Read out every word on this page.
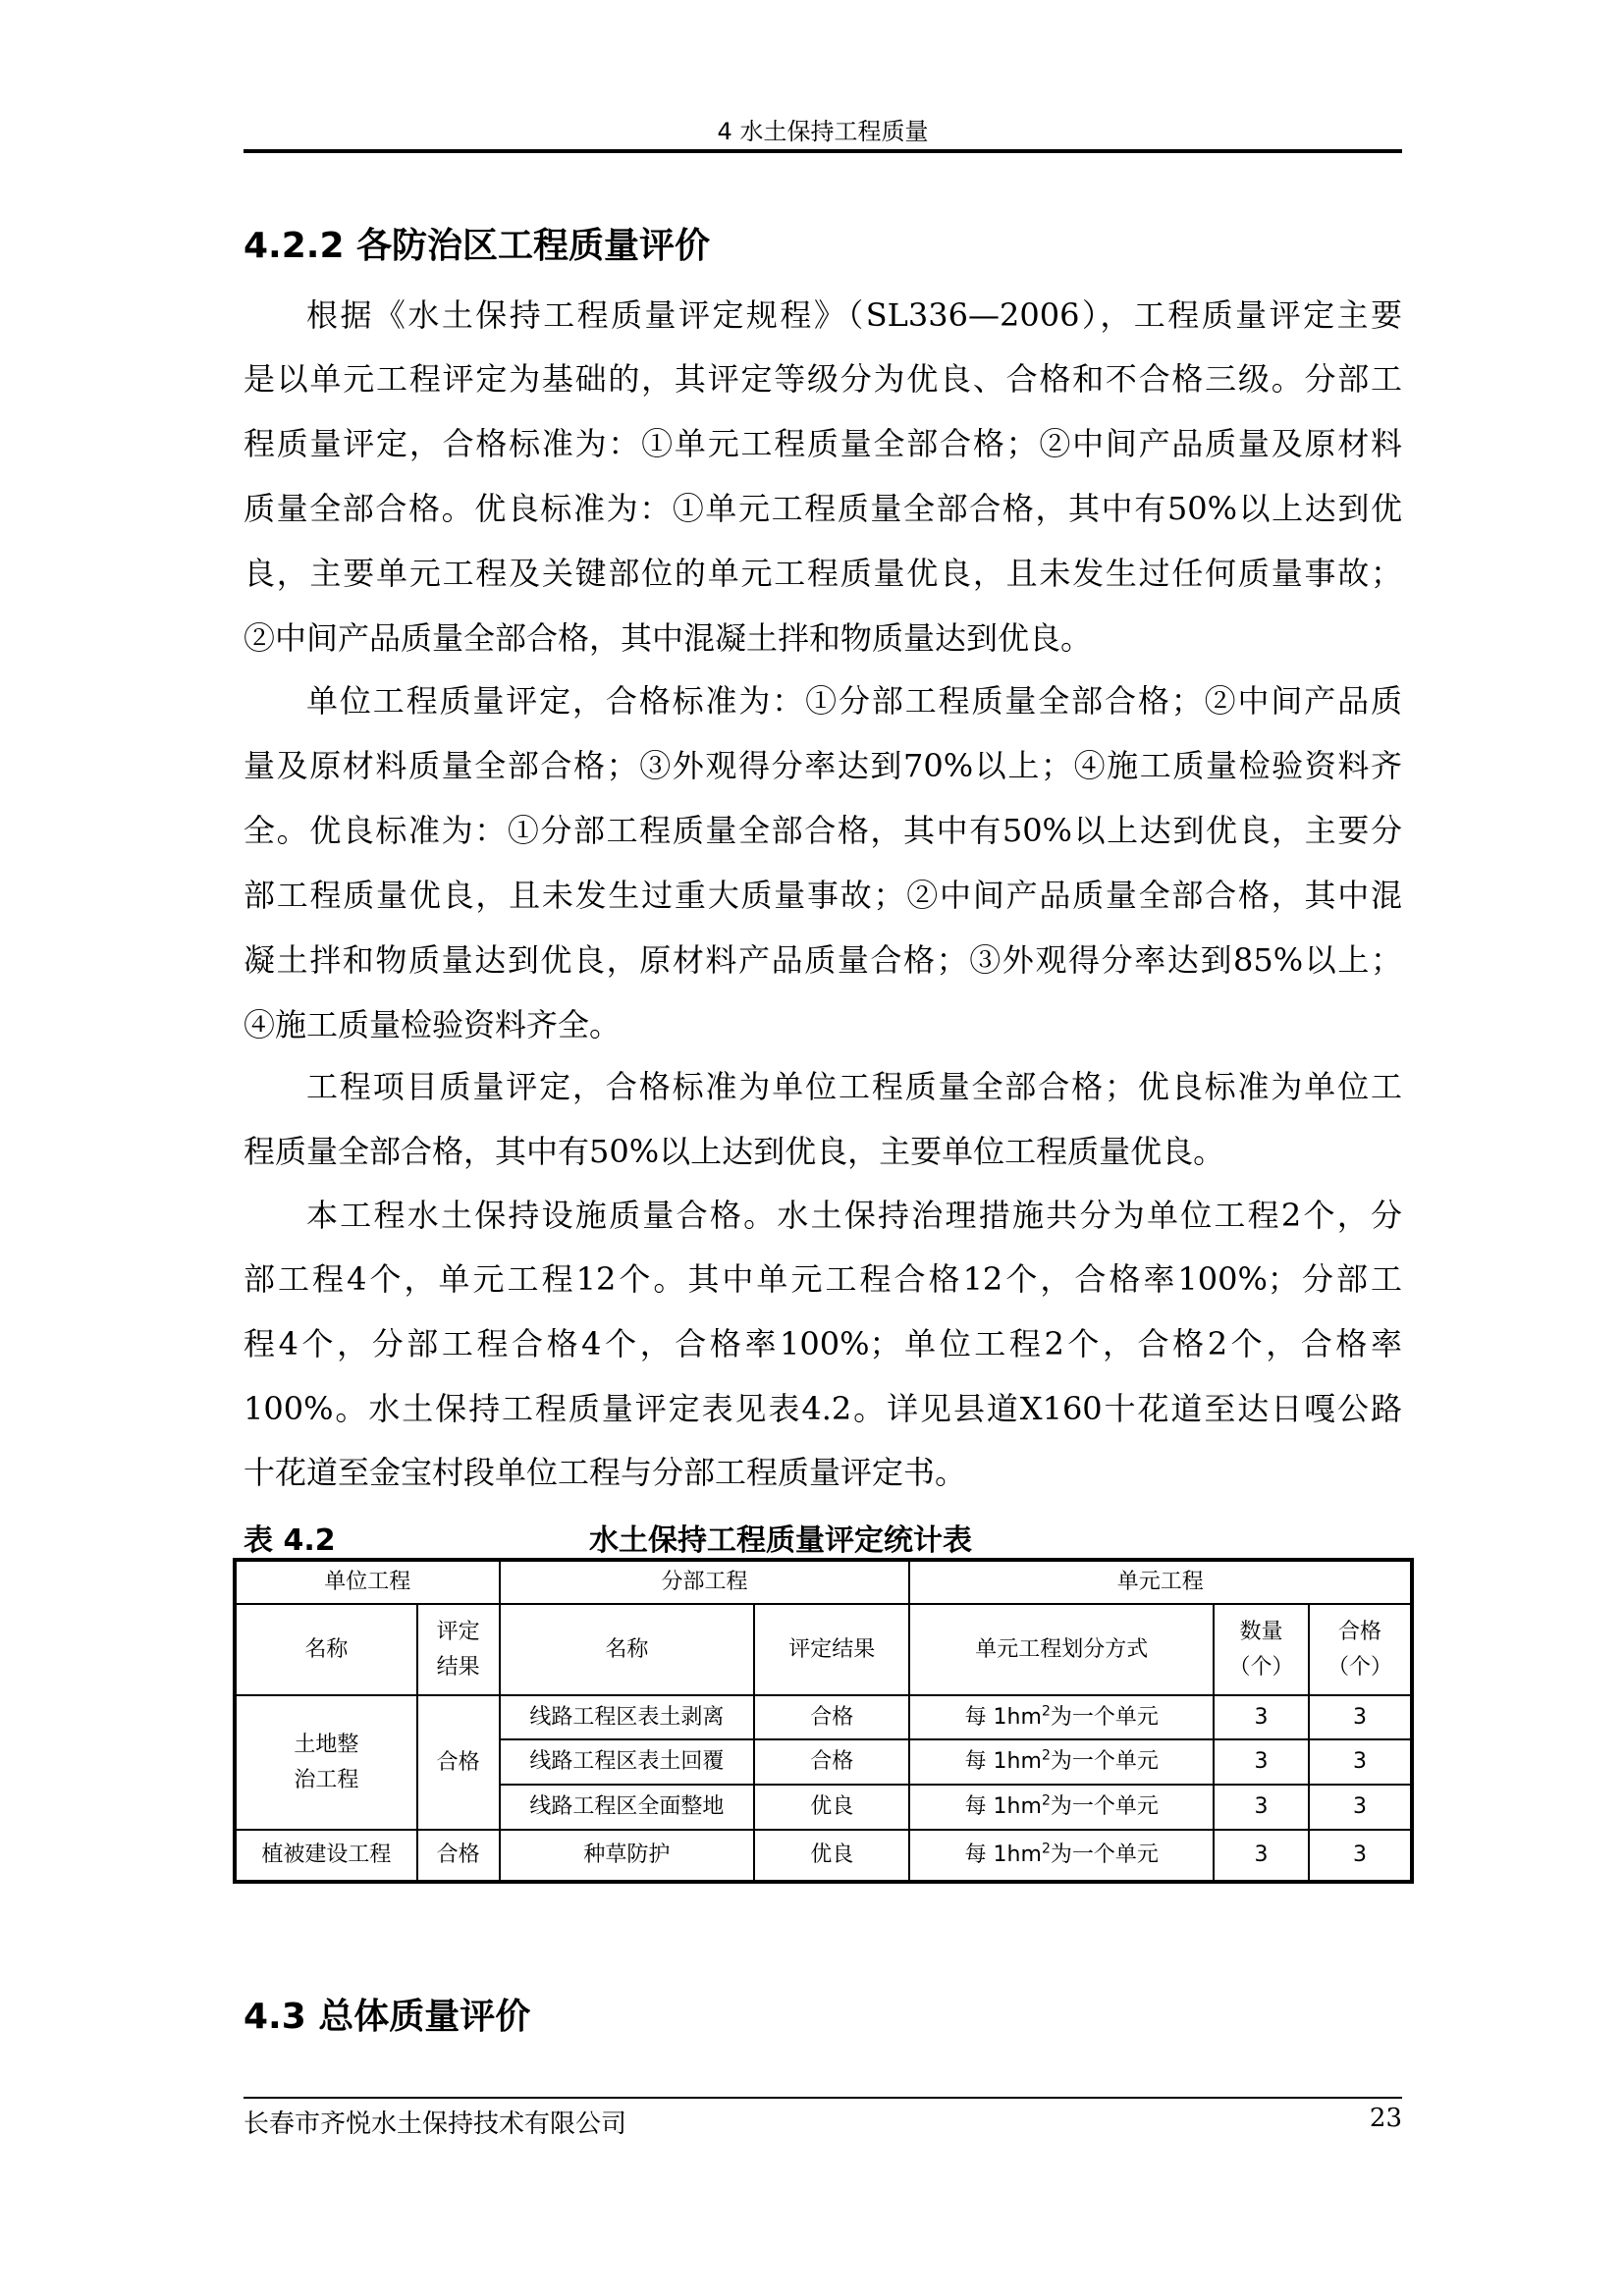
4 水土保持工程质量
4.2.2 各防治区工程质量评价
根据《水土保持工程质量评定规程》（SL336—2006），工程质量评定主要
是以单元工程评定为基础的，其评定等级分为优良、合格和不合格三级。分部工
程质量评定，合格标准为：①单元工程质量全部合格；②中间产品质量及原材料
质量全部合格。优良标准为：①单元工程质量全部合格，其中有50%以上达到优
良，主要单元工程及关键部位的单元工程质量优良，且未发生过任何质量事故；
②中间产品质量全部合格，其中混凝土拌和物质量达到优良。
单位工程质量评定，合格标准为：①分部工程质量全部合格；②中间产品质
量及原材料质量全部合格；③外观得分率达到70%以上；④施工质量检验资料齐
全。优良标准为：①分部工程质量全部合格，其中有50%以上达到优良，主要分
部工程质量优良，且未发生过重大质量事故；②中间产品质量全部合格，其中混
凝土拌和物质量达到优良，原材料产品质量合格；③外观得分率达到85%以上；
④施工质量检验资料齐全。
工程项目质量评定，合格标准为单位工程质量全部合格；优良标准为单位工
程质量全部合格，其中有50%以上达到优良，主要单位工程质量优良。
本工程水土保持设施质量合格。水土保持治理措施共分为单位工程2个，分
部工程4个，单元工程12个。其中单元工程合格12个，合格率100%；分部工
程4个，分部工程合格4个，合格率100%；单位工程2个，合格2个，合格率
100%。水土保持工程质量评定表见表4.2。详见县道X160十花道至达日嘎公路
十花道至金宝村段单位工程与分部工程质量评定书。
表 4.2	水土保持工程质量评定统计表
单位工程		分部工程		单元工程		
名称	评定结果	名称	评定结果	单元工程划分方式	数量（个）	合格（个）
土地整治工程	合格	线路工程区表土剥离	合格	每 $1hm^2$为一个单元	3	3
		线路工程区表土回覆	合格	每 $1hm^2$为一个单元	3	3
		线路工程区全面整地	优良	每 $1hm^2$为一个单元	3	3
植被建设工程	合格	种草防护	优良	每 $1hm^2$为一个单元	3	3
4.3 总体质量评价
长春市齐悦水土保持技术有限公司	23
